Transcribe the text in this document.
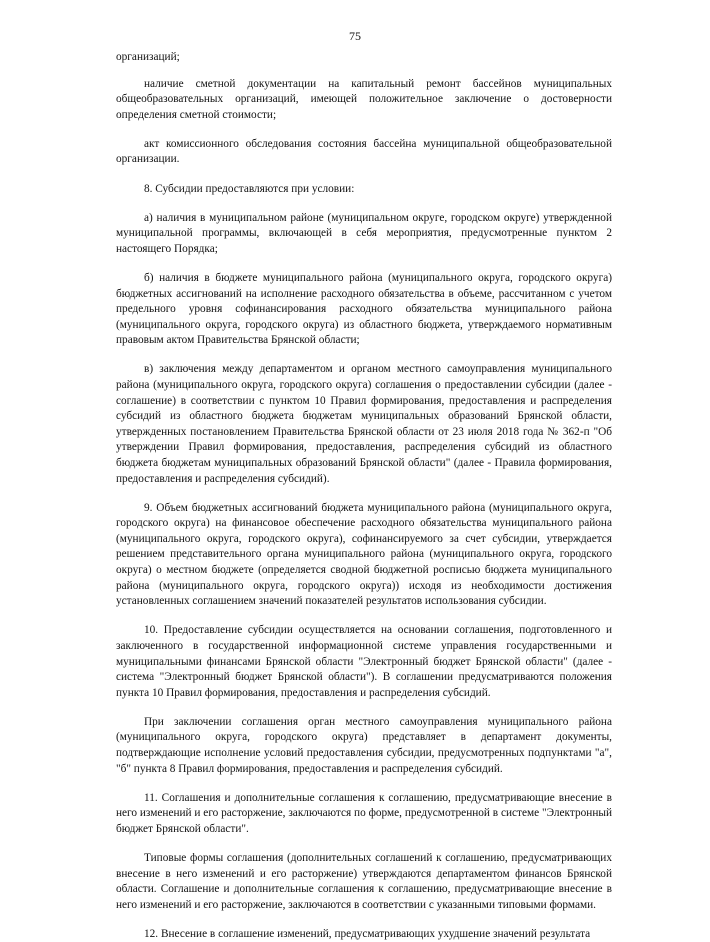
75

организаций;

наличие сметной документации на капитальный ремонт бассейнов муниципальных общеобразовательных организаций, имеющей положительное заключение о достоверности определения сметной стоимости;

акт комиссионного обследования состояния бассейна муниципальной общеобразовательной организации.

8. Субсидии предоставляются при условии:

а) наличия в муниципальном районе (муниципальном округе, городском округе) утвержденной муниципальной программы, включающей в себя мероприятия, предусмотренные пунктом 2 настоящего Порядка;

б) наличия в бюджете муниципального района (муниципального округа, городского округа) бюджетных ассигнований на исполнение расходного обязательства в объеме, рассчитанном с учетом предельного уровня софинансирования расходного обязательства муниципального района (муниципального округа, городского округа) из областного бюджета, утверждаемого нормативным правовым актом Правительства Брянской области;

в) заключения между департаментом и органом местного самоуправления муниципального района (муниципального округа, городского округа) соглашения о предоставлении субсидии (далее - соглашение) в соответствии с пунктом 10 Правил формирования, предоставления и распределения субсидий из областного бюджета бюджетам муниципальных образований Брянской области, утвержденных постановлением Правительства Брянской области от 23 июля 2018 года № 362-п "Об утверждении Правил формирования, предоставления, распределения субсидий из областного бюджета бюджетам муниципальных образований Брянской области" (далее - Правила формирования, предоставления и распределения субсидий).

9. Объем бюджетных ассигнований бюджета муниципального района (муниципального округа, городского округа) на финансовое обеспечение расходного обязательства муниципального района (муниципального округа, городского округа), софинансируемого за счет субсидии, утверждается решением представительного органа муниципального района (муниципального округа, городского округа) о местном бюджете (определяется сводной бюджетной росписью бюджета муниципального района (муниципального округа, городского округа)) исходя из необходимости достижения установленных соглашением значений показателей результатов использования субсидии.

10. Предоставление субсидии осуществляется на основании соглашения, подготовленного и заключенного в государственной информационной системе управления государственными и муниципальными финансами Брянской области "Электронный бюджет Брянской области" (далее - система "Электронный бюджет Брянской области"). В соглашении предусматриваются положения пункта 10 Правил формирования, предоставления и распределения субсидий.

При заключении соглашения орган местного самоуправления муниципального района (муниципального округа, городского округа) представляет в департамент документы, подтверждающие исполнение условий предоставления субсидии, предусмотренных подпунктами "а", "б" пункта 8 Правил формирования, предоставления и распределения субсидий.

11. Соглашения и дополнительные соглашения к соглашению, предусматривающие внесение в него изменений и его расторжение, заключаются по форме, предусмотренной в системе "Электронный бюджет Брянской области".

Типовые формы соглашения (дополнительных соглашений к соглашению, предусматривающих внесение в него изменений и его расторжение) утверждаются департаментом финансов Брянской области. Соглашение и дополнительные соглашения к соглашению, предусматривающие внесение в него изменений и его расторжение, заключаются в соответствии с указанными типовыми формами.

12. Внесение в соглашение изменений, предусматривающих ухудшение значений результата
